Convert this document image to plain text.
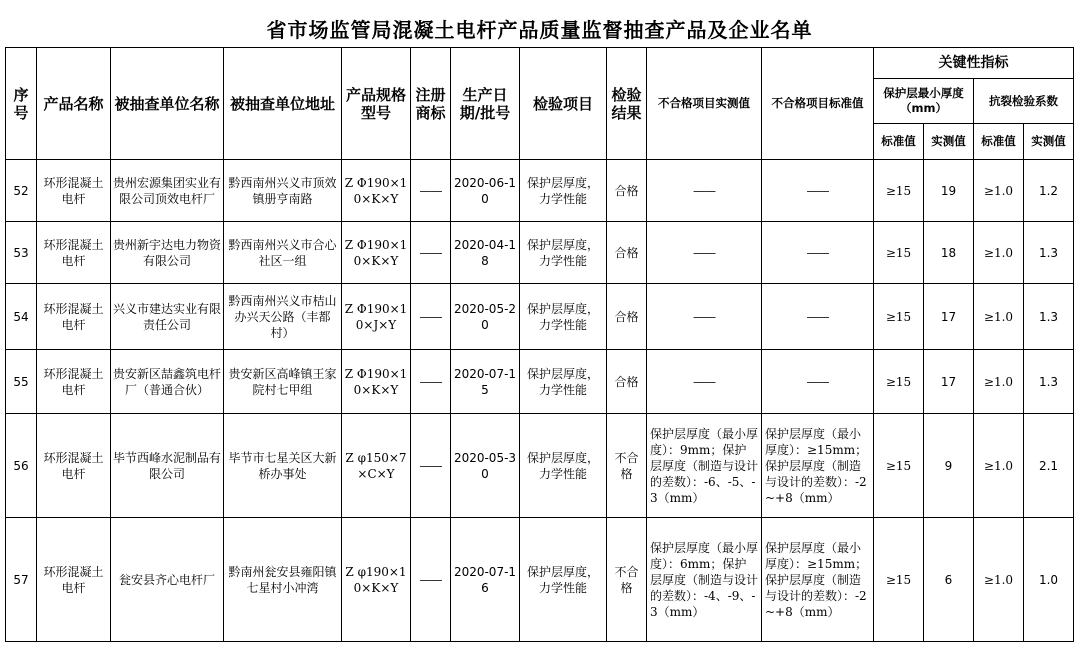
省市场监管局混凝土电杆产品质量监督抽查产品及企业名单
序号	产品名称	被抽查单位名称	被抽查单位地址	产品规格型号	注册商标	生产日期/批号	检验项目	检验结果	不合格项目实测值	不合格项目标准值	关键性指标			
											保护层最小厚度（mm）		抗裂检验系数	
											标准值	实测值	标准值	实测值
52	环形混凝土电杆	贵州宏源集团实业有限公司顶效电杆厂	黔西南州兴义市顶效镇册亨南路	Z Φ190×10×K×Y	——	2020-06-10	保护层厚度，力学性能	合格	——	——	≥15	19	≥1.0	1.2
53	环形混凝土电杆	贵州新宇达电力物资有限公司	黔西南州兴义市合心社区一组	Z Φ190×10×K×Y	——	2020-04-18	保护层厚度，力学性能	合格	——	——	≥15	18	≥1.0	1.3
54	环形混凝土电杆	兴义市建达实业有限责任公司	黔西南州兴义市桔山办兴天公路（丰都村）	Z Φ190×10×J×Y	——	2020-05-20	保护层厚度，力学性能	合格	——	——	≥15	17	≥1.0	1.3
55	环形混凝土电杆	贵安新区喆鑫筑电杆厂（普通合伙）	贵安新区高峰镇王家院村七甲组	Z Φ190×10×K×Y	——	2020-07-15	保护层厚度，力学性能	合格	——	——	≥15	17	≥1.0	1.3
56	环形混凝土电杆	毕节西峰水泥制品有限公司	毕节市七星关区大新桥办事处	Z φ150×7×C×Y	——	2020-05-30	保护层厚度，力学性能	不合格	保护层厚度（最小厚度）：9mm；保护层厚度（制造与设计的差数）：-6、-5、-3（mm）	保护层厚度（最小厚度）：≥15mm；保护层厚度（制造与设计的差数）：-2~+8（mm）	≥15	9	≥1.0	2.1
57	环形混凝土电杆	瓮安县齐心电杆厂	黔南州瓮安县雍阳镇七星村小冲湾	Z φ190×10×K×Y	——	2020-07-16	保护层厚度，力学性能	不合格	保护层厚度（最小厚度）：6mm；保护层厚度（制造与设计的差数）：-4、-9、-3（mm）	保护层厚度（最小厚度）：≥15mm；保护层厚度（制造与设计的差数）：-2~+8（mm）	≥15	6	≥1.0	1.0
